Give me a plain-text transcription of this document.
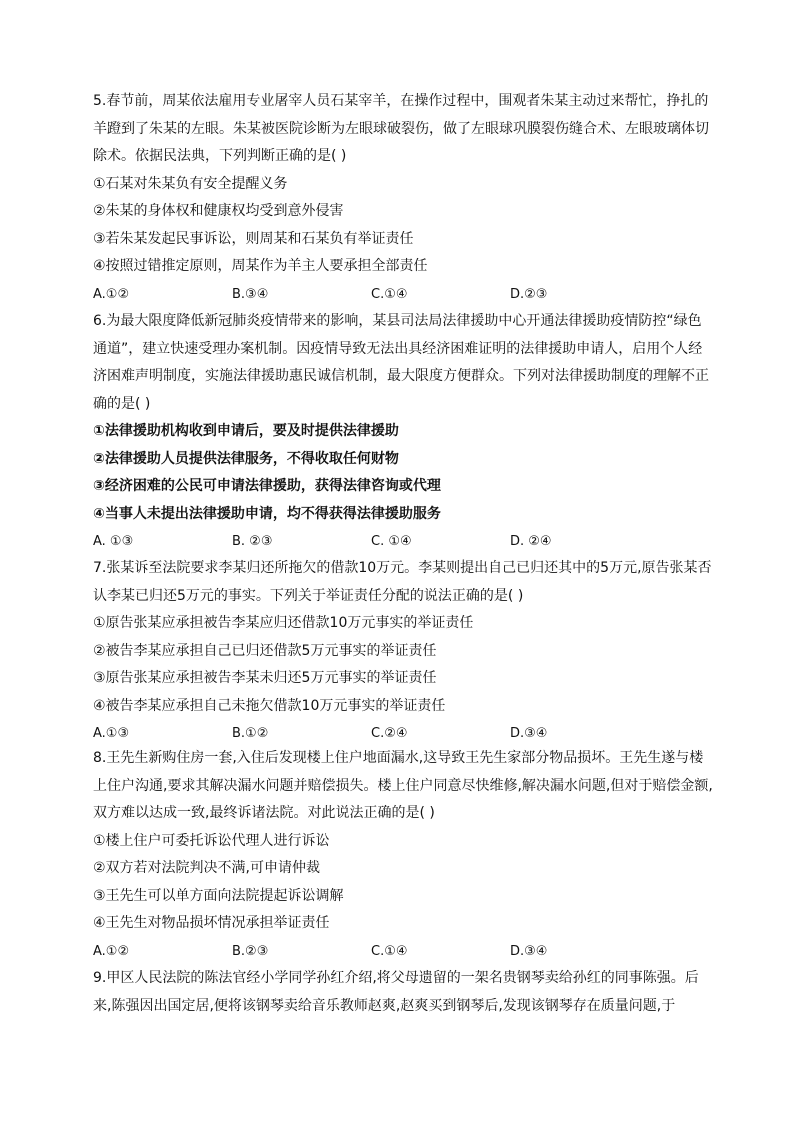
5.春节前，周某依法雇用专业屠宰人员石某宰羊，在操作过程中，围观者朱某主动过来帮忙，挣扎的羊蹬到了朱某的左眼。朱某被医院诊断为左眼球破裂伤，做了左眼球巩膜裂伤缝合术、左眼玻璃体切除术。依据民法典，下列判断正确的是( )

①石某对朱某负有安全提醒义务

②朱某的身体权和健康权均受到意外侵害

③若朱某发起民事诉讼，则周某和石某负有举证责任

④按照过错推定原则，周某作为羊主人要承担全部责任

A.①②	B.③④	C.①④	D.②③

6.为最大限度降低新冠肺炎疫情带来的影响，某县司法局法律援助中心开通法律援助疫情防控“绿色通道”，建立快速受理办案机制。因疫情导致无法出具经济困难证明的法律援助申请人，启用个人经济困难声明制度，实施法律援助惠民诚信机制，最大限度方便群众。下列对法律援助制度的理解不正确的是( )

①法律援助机构收到申请后，要及时提供法律援助

②法律援助人员提供法律服务，不得收取任何财物

③经济困难的公民可申请法律援助，获得法律咨询或代理

④当事人未提出法律援助申请，均不得获得法律援助服务

A. ①③	B. ②③	C. ①④	D. ②④

7.张某诉至法院要求李某归还所拖欠的借款10万元。李某则提出自己已归还其中的5万元,原告张某否认李某已归还5万元的事实。下列关于举证责任分配的说法正确的是( )

①原告张某应承担被告李某应归还借款10万元事实的举证责任

②被告李某应承担自己已归还借款5万元事实的举证责任

③原告张某应承担被告李某未归还5万元事实的举证责任

④被告李某应承担自己未拖欠借款10万元事实的举证责任

A.①③	B.①②	C.②④	D.③④

8.王先生新购住房一套,入住后发现楼上住户地面漏水,这导致王先生家部分物品损坏。王先生遂与楼上住户沟通,要求其解决漏水问题并赔偿损失。楼上住户同意尽快维修,解决漏水问题,但对于赔偿金额,双方难以达成一致,最终诉诸法院。对此说法正确的是( )

①楼上住户可委托诉讼代理人进行诉讼

②双方若对法院判决不满,可申请仲裁

③王先生可以单方面向法院提起诉讼调解

④王先生对物品损坏情况承担举证责任

A.①②	B.②③	C.①④	D.③④

9.甲区人民法院的陈法官经小学同学孙红介绍,将父母遗留的一架名贵钢琴卖给孙红的同事陈强。后来,陈强因出国定居,便将该钢琴卖给音乐教师赵爽,赵爽买到钢琴后,发现该钢琴存在质量问题,于
